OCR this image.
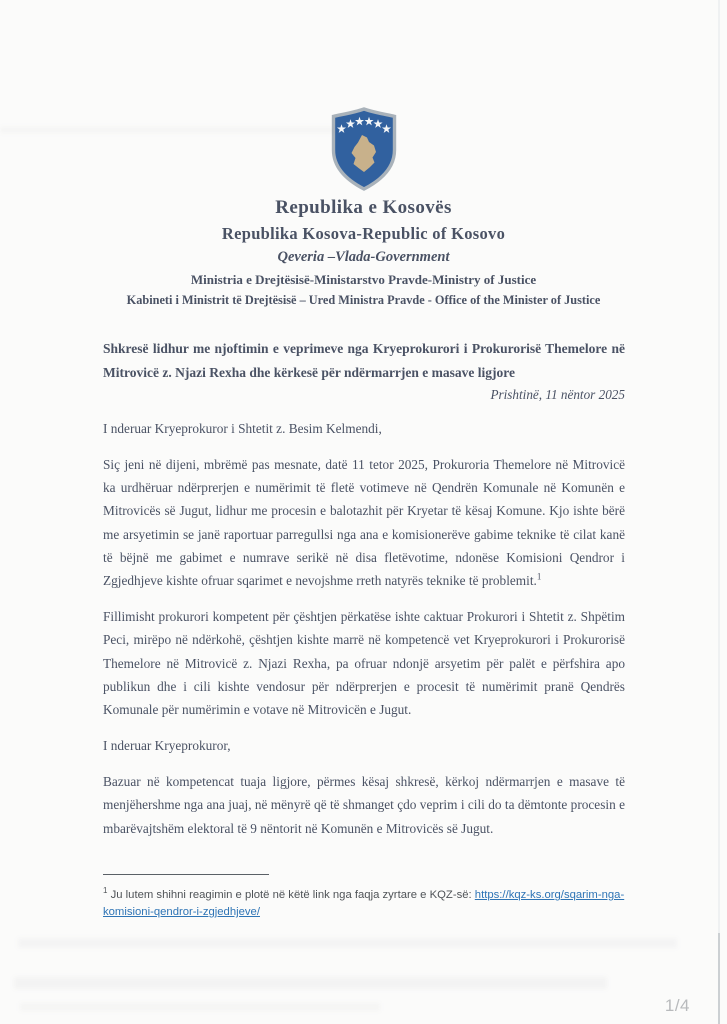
Republika e Kosovës
Republika Kosova-Republic of Kosovo
Qeveria –Vlada-Government
Ministria e Drejtësisë-Ministarstvo Pravde-Ministry of Justice
Kabineti i Ministrit të Drejtësisë – Ured Ministra Pravde - Office of the Minister of Justice

Shkresë lidhur me njoftimin e veprimeve nga Kryeprokurori i Prokurorisë Themelore në Mitrovicë z. Njazi Rexha dhe kërkesë për ndërmarrjen e masave ligjore

Prishtinë, 11 nëntor 2025

I nderuar Kryeprokuror i Shtetit z. Besim Kelmendi,

Siç jeni në dijeni, mbrëmë pas mesnate, datë 11 tetor 2025, Prokuroria Themelore në Mitrovicë ka urdhëruar ndërprerjen e numërimit të fletë votimeve në Qendrën Komunale në Komunën e Mitrovicës së Jugut, lidhur me procesin e balotazhit për Kryetar të kësaj Komune. Kjo ishte bërë me arsyetimin se janë raportuar parregullsi nga ana e komisionerëve gabime teknike të cilat kanë të bëjnë me gabimet e numrave serikë në disa fletëvotime, ndonëse Komisioni Qendror i Zgjedhjeve kishte ofruar sqarimet e nevojshme rreth natyrës teknike të problemit.$^1$

Fillimisht prokurori kompetent për çështjen përkatëse ishte caktuar Prokurori i Shtetit z. Shpëtim Peci, mirëpo në ndërkohë, çështjen kishte marrë në kompetencë vet Kryeprokurori i Prokurorisë Themelore në Mitrovicë z. Njazi Rexha, pa ofruar ndonjë arsyetim për palët e përfshira apo publikun dhe i cili kishte vendosur për ndërprerjen e procesit të numërimit pranë Qendrës Komunale për numërimin e votave në Mitrovicën e Jugut.

I nderuar Kryeprokuror,

Bazuar në kompetencat tuaja ligjore, përmes kësaj shkresë, kërkoj ndërmarrjen e masave të menjëhershme nga ana juaj, në mënyrë që të shmanget çdo veprim i cili do ta dëmtonte procesin e mbarëvajtshëm elektoral të 9 nëntorit në Komunën e Mitrovicës së Jugut.

$^1$ Ju lutem shihni reagimin e plotë në këtë link nga faqja zyrtare e KQZ-së: https://kqz-ks.org/sqarim-nga-komisioni-qendror-i-zgjedhjeve/
1/4
